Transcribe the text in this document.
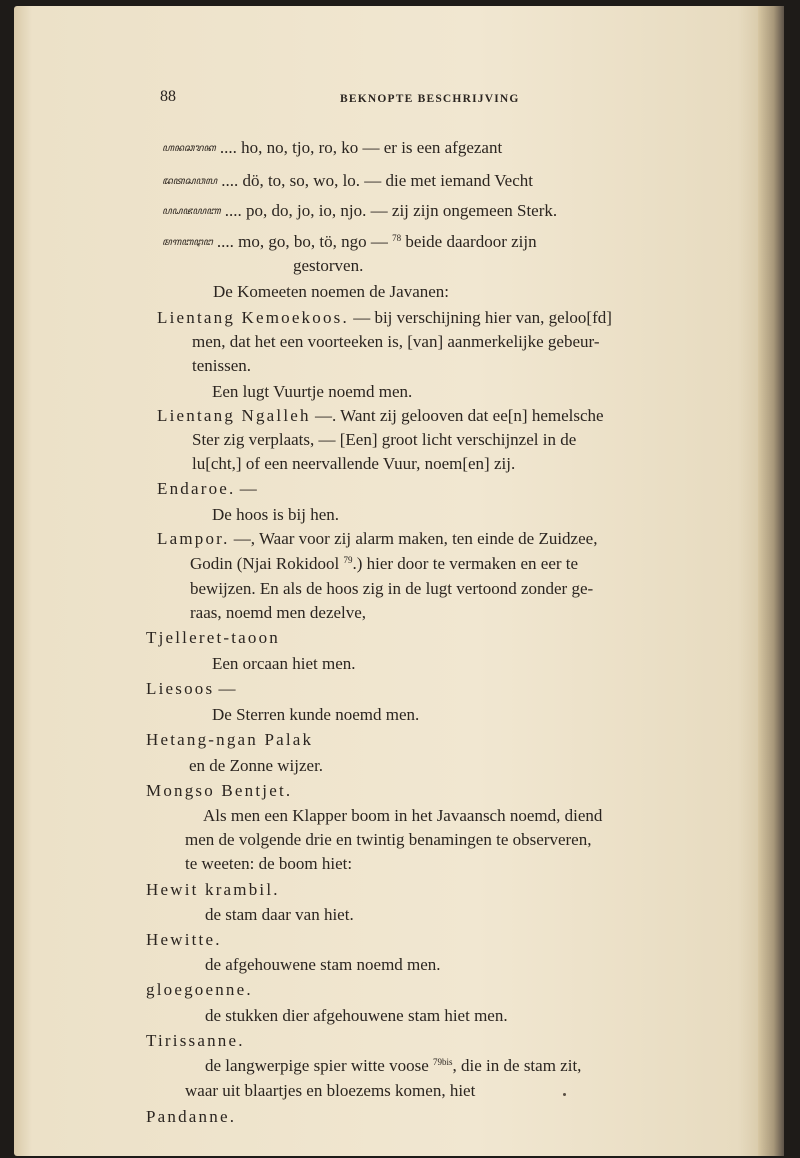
88	BEKNOPTE BESCHRIJVING
ꦲꦤꦕꦫꦏ .... ho, no, tjo, ro, ko — er is een afgezant
ꦢꦠꦱꦮꦭ .... dö, to, so, wo, lo. — die met iemand Vecht
ꦥꦝꦗꦪꦚ .... po, do, jo, io, njo. — zij zijn ongemeen Sterk.
ꦩꦒꦧꦛꦔ .... mo, go, bo, tö, ngo — $^{78}$ beide daardoor zijn
gestorven.
De Komeeten noemen de Javanen:
Lientang Kemoekoos. — bij verschijning hier van, geloo[fd]
men, dat het een voorteeken is, [van] aanmerkelijke gebeur-
tenissen.
Een lugt Vuurtje noemd men.
Lientang Ngalleh —. Want zij gelooven dat ee[n] hemelsche
Ster zig verplaats, — [Een] groot licht verschijnzel in de
lu[cht,] of een neervallende Vuur, noem[en] zij.
Endaroe. —
De hoos is bij hen.
Lampor. —, Waar voor zij alarm maken, ten einde de Zuidzee,
Godin (Njai Rokidool $^{79}$.) hier door te vermaken en eer te
bewijzen. En als de hoos zig in de lugt vertoond zonder ge-
raas, noemd men dezelve,
Tjelleret-taoon
Een orcaan hiet men.
Liesoos —
De Sterren kunde noemd men.
Hetang-ngan Palak
en de Zonne wijzer.
Mongso Bentjet.
Als men een Klapper boom in het Javaansch noemd, diend
men de volgende drie en twintig benamingen te observeren,
te weeten: de boom hiet:
Hewit krambil.
de stam daar van hiet.
Hewitte.
de afgehouwene stam noemd men.
gloegoenne.
de stukken dier afgehouwene stam hiet men.
Tirissanne.
de langwerpige spier witte voose $^{79bis}$, die in de stam zit,
waar uit blaartjes en bloezems komen, hiet
Pandanne.
